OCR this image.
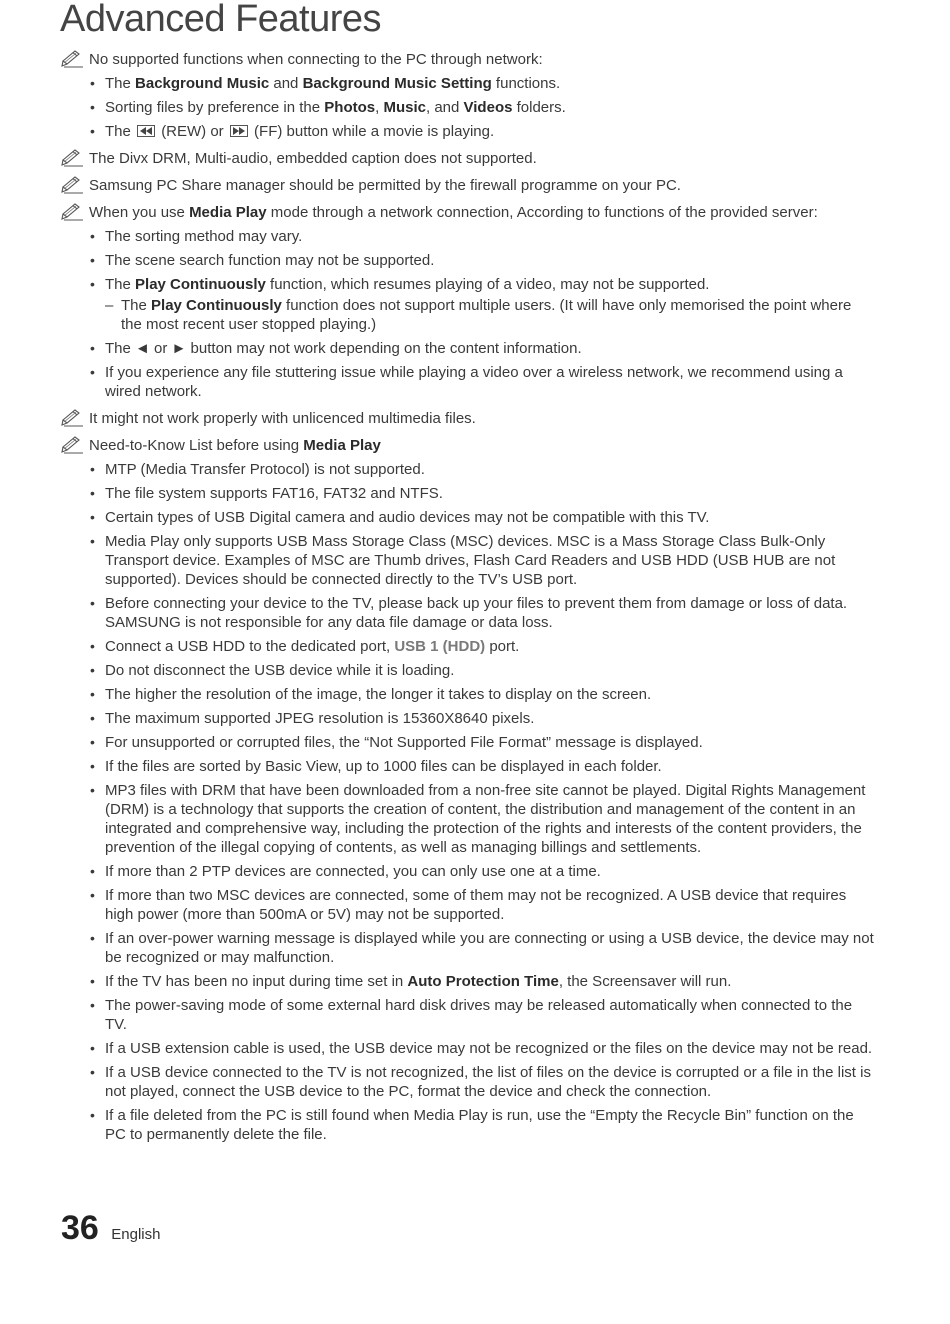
Advanced Features
No supported functions when connecting to the PC through network:
• The Background Music and Background Music Setting functions.
• Sorting files by preference in the Photos, Music, and Videos folders.
• The
(REW) or
(FF) button while a movie is playing.
The Divx DRM, Multi-audio, embedded caption does not supported.
Samsung PC Share manager should be permitted by the firewall programme on your PC.
When you use Media Play mode through a network connection, According to functions of the provided server:
• The sorting method may vary.
• The scene search function may not be supported.
• The Play Continuously function, which resumes playing of a video, may not be supported.
– The Play Continuously function does not support multiple users. (It will have only memorised the point where the most recent user stopped playing.)
• The ◄ or ► button may not work depending on the content information.
• If you experience any file stuttering issue while playing a video over a wireless network, we recommend using a wired network.
It might not work properly with unlicenced multimedia files.
Need-to-Know List before using Media Play
• MTP (Media Transfer Protocol) is not supported.
• The file system supports FAT16, FAT32 and NTFS.
• Certain types of USB Digital camera and audio devices may not be compatible with this TV.
• Media Play only supports USB Mass Storage Class (MSC) devices. MSC is a Mass Storage Class Bulk-Only Transport device. Examples of MSC are Thumb drives, Flash Card Readers and USB HDD (USB HUB are not supported). Devices should be connected directly to the TV’s USB port.
• Before connecting your device to the TV, please back up your files to prevent them from damage or loss of data. SAMSUNG is not responsible for any data file damage or data loss.
• Connect a USB HDD to the dedicated port, USB 1 (HDD) port.
• Do not disconnect the USB device while it is loading.
• The higher the resolution of the image, the longer it takes to display on the screen.
• The maximum supported JPEG resolution is 15360X8640 pixels.
• For unsupported or corrupted files, the “Not Supported File Format” message is displayed.
• If the files are sorted by Basic View, up to 1000 files can be displayed in each folder.
• MP3 files with DRM that have been downloaded from a non-free site cannot be played. Digital Rights Management (DRM) is a technology that supports the creation of content, the distribution and management of the content in an integrated and comprehensive way, including the protection of the rights and interests of the content providers, the prevention of the illegal copying of contents, as well as managing billings and settlements.
• If more than 2 PTP devices are connected, you can only use one at a time.
• If more than two MSC devices are connected, some of them may not be recognized. A USB device that requires high power (more than 500mA or 5V) may not be supported.
• If an over-power warning message is displayed while you are connecting or using a USB device, the device may not be recognized or may malfunction.
• If the TV has been no input during time set in Auto Protection Time, the Screensaver will run.
• The power-saving mode of some external hard disk drives may be released automatically when connected to the TV.
• If a USB extension cable is used, the USB device may not be recognized or the files on the device may not be read.
• If a USB device connected to the TV is not recognized, the list of files on the device is corrupted or a file in the list is not played, connect the USB device to the PC, format the device and check the connection.
• If a file deleted from the PC is still found when Media Play is run, use the “Empty the Recycle Bin” function on the PC to permanently delete the file.
36 English
